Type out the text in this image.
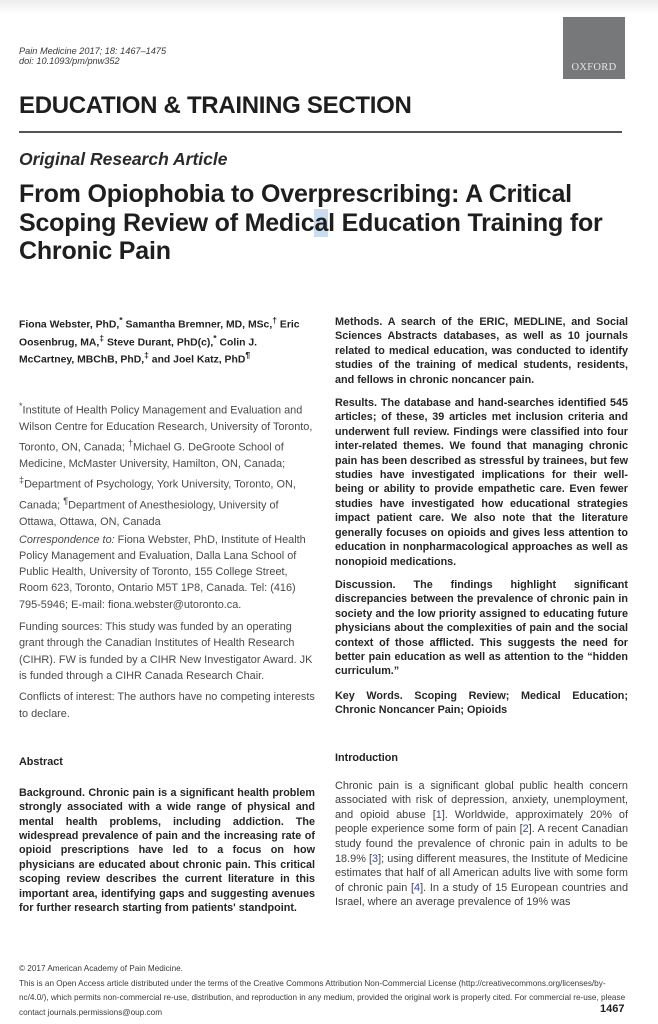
Pain Medicine 2017; 18: 1467–1475
doi: 10.1093/pm/pnw352
OXFORD
EDUCATION & TRAINING SECTION
Original Research Article
From Opiophobia to Overprescribing: A Critical Scoping Review of Medical Education Training for Chronic Pain
Fiona Webster, PhD,* Samantha Bremner, MD, MSc,† Eric Oosenbrug, MA,‡ Steve Durant, PhD(c),* Colin J. McCartney, MBChB, PhD,‡ and Joel Katz, PhD¶
*Institute of Health Policy Management and Evaluation and Wilson Centre for Education Research, University of Toronto, Toronto, ON, Canada; †Michael G. DeGroote School of Medicine, McMaster University, Hamilton, ON, Canada; ‡Department of Psychology, York University, Toronto, ON, Canada; ¶Department of Anesthesiology, University of Ottawa, Ottawa, ON, Canada
Correspondence to: Fiona Webster, PhD, Institute of Health Policy Management and Evaluation, Dalla Lana School of Public Health, University of Toronto, 155 College Street, Room 623, Toronto, Ontario M5T 1P8, Canada. Tel: (416) 795-5946; E-mail: fiona.webster@utoronto.ca.
Funding sources: This study was funded by an operating grant through the Canadian Institutes of Health Research (CIHR). FW is funded by a CIHR New Investigator Award. JK is funded through a CIHR Canada Research Chair.
Conflicts of interest: The authors have no competing interests to declare.
Abstract
Background. Chronic pain is a significant health problem strongly associated with a wide range of physical and mental health problems, including addiction. The widespread prevalence of pain and the increasing rate of opioid prescriptions have led to a focus on how physicians are educated about chronic pain. This critical scoping review describes the current literature in this important area, identifying gaps and suggesting avenues for further research starting from patients' standpoint.
Methods. A search of the ERIC, MEDLINE, and Social Sciences Abstracts databases, as well as 10 journals related to medical education, was conducted to identify studies of the training of medical students, residents, and fellows in chronic noncancer pain.
Results. The database and hand-searches identified 545 articles; of these, 39 articles met inclusion criteria and underwent full review. Findings were classified into four inter-related themes. We found that managing chronic pain has been described as stressful by trainees, but few studies have investigated implications for their well-being or ability to provide empathetic care. Even fewer studies have investigated how educational strategies impact patient care. We also note that the literature generally focuses on opioids and gives less attention to education in nonpharmacological approaches as well as nonopioid medications.
Discussion. The findings highlight significant discrepancies between the prevalence of chronic pain in society and the low priority assigned to educating future physicians about the complexities of pain and the social context of those afflicted. This suggests the need for better pain education as well as attention to the “hidden curriculum.”
Key Words. Scoping Review; Medical Education; Chronic Noncancer Pain; Opioids
Introduction
Chronic pain is a significant global public health concern associated with risk of depression, anxiety, unemployment, and opioid abuse [1]. Worldwide, approximately 20% of people experience some form of pain [2]. A recent Canadian study found the prevalence of chronic pain in adults to be 18.9% [3]; using different measures, the Institute of Medicine estimates that half of all American adults live with some form of chronic pain [4]. In a study of 15 European countries and Israel, where an average prevalence of 19% was
© 2017 American Academy of Pain Medicine.
This is an Open Access article distributed under the terms of the Creative Commons Attribution Non-Commercial License (http://creativecommons.org/licenses/by-nc/4.0/), which permits non-commercial re-use, distribution, and reproduction in any medium, provided the original work is properly cited. For commercial re-use, please contact journals.permissions@oup.com	1467
